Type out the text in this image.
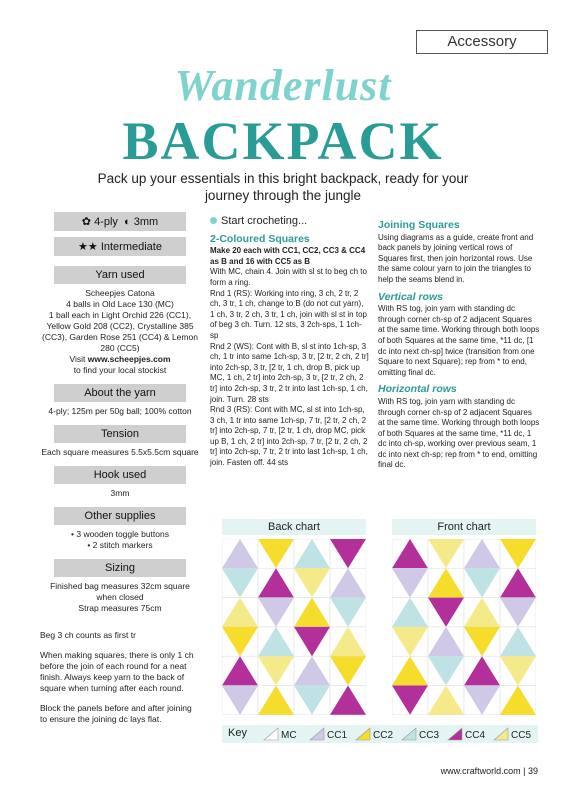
Accessory
Wanderlust
BACKPACK
Pack up your essentials in this bright backpack, ready for your journey through the jungle
✿ 4-ply ◐ 3mm
★★ Intermediate
Yarn used
Scheepjes Catona
4 balls in Old Lace 130 (MC)
1 ball each in Light Orchid 226 (CC1), Yellow Gold 208 (CC2), Crystalline 385 (CC3), Garden Rose 251 (CC4) & Lemon 280 (CC5)
Visit www.scheepjes.com
to find your local stockist
About the yarn
4-ply; 125m per 50g ball; 100% cotton
Tension
Each square measures 5.5x5.5cm square
Hook used
3mm
Other supplies
• 3 wooden toggle buttons
• 2 stitch markers
Sizing
Finished bag measures 32cm square when closed
Strap measures 75cm

Beg 3 ch counts as first tr

When making squares, there is only 1 ch before the join of each round for a neat finish. Always keep yarn to the back of square when turning after each round.

Block the panels before and after joining to ensure the joining dc lays flat.

Start crocheting...
2-Coloured Squares
Make 20 each with CC1, CC2, CC3 & CC4 as B and 16 with CC5 as B
With MC, chain 4. Join with sl st to beg ch to form a ring.
Rnd 1 (RS): Working into ring, 3 ch, 2 tr, 2 ch, 3 tr, 1 ch, change to B (do not cut yarn), 1 ch, 3 tr, 2 ch, 3 tr, 1 ch, join with sl st in top of beg 3 ch. Turn. 12 sts, 3 2ch-sps, 1 1ch-sp
Rnd 2 (WS): Cont with B, sl st into 1ch-sp, 3 ch, 1 tr into same 1ch-sp, 3 tr, [2 tr, 2 ch, 2 tr] into 2ch-sp, 3 tr, [2 tr, 1 ch, drop B, pick up MC, 1 ch, 2 tr] into 2ch-sp, 3 tr, [2 tr, 2 ch, 2 tr] into 2ch-sp, 3 tr, 2 tr into last 1ch-sp, 1 ch, join. Turn. 28 sts
Rnd 3 (RS): Cont with MC, sl st into 1ch-sp, 3 ch, 1 tr into same 1ch-sp, 7 tr, [2 tr, 2 ch, 2 tr] into 2ch-sp, 7 tr, [2 tr, 1 ch, drop MC, pick up B, 1 ch, 2 tr] into 2ch-sp, 7 tr, [2 tr, 2 ch, 2 tr] into 2ch-sp, 7 tr, 2 tr into last 1ch-sp, 1 ch, join. Fasten off. 44 sts
Joining Squares
Using diagrams as a guide, create front and back panels by joining vertical rows of Squares first, then join horizontal rows. Use the same colour yarn to join the triangles to help the seams blend in.
Vertical rows
With RS tog, join yarn with standing dc through corner ch-sp of 2 adjacent Squares at the same time. Working through both loops of both Squares at the same time, *11 dc, [1 dc into next ch-sp] twice (transition from one Square to next Square); rep from * to end, omitting final dc.
Horizontal rows
With RS tog, join yarn with standing dc through corner ch-sp of 2 adjacent Squares at the same time. Working through both loops of both Squares at the same time, *11 dc, 1 dc into ch-sp, working over previous seam, 1 dc into next ch-sp; rep from * to end, omitting final dc.
Back chart	Front chart
Key	MC	CC1	CC2	CC3	CC4	CC5
www.craftworld.com | 39
